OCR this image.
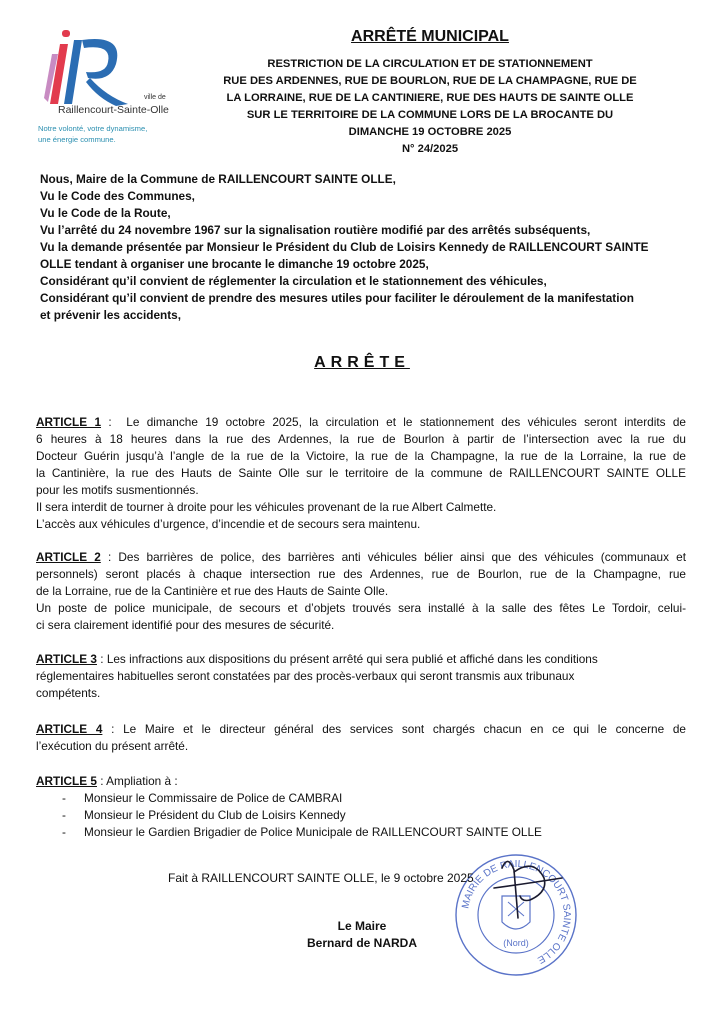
ville de
Raillencourt-Sainte-Olle
Notre volonté, votre dynamisme,
une énergie commune.
ARRÊTÉ MUNICIPAL
RESTRICTION DE LA CIRCULATION ET DE STATIONNEMENT
RUE DES ARDENNES, RUE DE BOURLON, RUE DE LA CHAMPAGNE, RUE DE
LA LORRAINE, RUE DE LA CANTINIERE, RUE DES HAUTS DE SAINTE OLLE
SUR LE TERRITOIRE DE LA COMMUNE LORS DE LA BROCANTE DU
DIMANCHE 19 OCTOBRE 2025
N° 24/2025
Nous, Maire de la Commune de RAILLENCOURT SAINTE OLLE,
Vu le Code des Communes,
Vu le Code de la Route,
Vu l’arrêté du 24 novembre 1967 sur la signalisation routière modifié par des arrêtés subséquents,
Vu la demande présentée par Monsieur le Président du Club de Loisirs Kennedy de RAILLENCOURT SAINTE
OLLE tendant à organiser une brocante le dimanche 19 octobre 2025,
Considérant qu’il convient de réglementer la circulation et le stationnement des véhicules,
Considérant qu’il convient de prendre des mesures utiles pour faciliter le déroulement de la manifestation
et prévenir les accidents,
ARRÊTE
ARTICLE 1 :  Le dimanche 19 octobre 2025, la circulation et le stationnement des véhicules seront interdits de
6 heures à 18 heures dans la rue des Ardennes, la rue de Bourlon à partir de l’intersection avec la rue du
Docteur Guérin jusqu’à l’angle de la rue de la Victoire, la rue de la Champagne, la rue de la Lorraine, la rue de
la Cantinière, la rue des Hauts de Sainte Olle sur le territoire de la commune de RAILLENCOURT SAINTE OLLE
pour les motifs susmentionnés.
Il sera interdit de tourner à droite pour les véhicules provenant de la rue Albert Calmette.
L’accès aux véhicules d’urgence, d’incendie et de secours sera maintenu.
ARTICLE 2 : Des barrières de police, des barrières anti véhicules bélier ainsi que des véhicules (communaux et
personnels) seront placés à chaque intersection rue des Ardennes, rue de Bourlon, rue de la Champagne, rue
de la Lorraine, rue de la Cantinière et rue des Hauts de Sainte Olle.
Un poste de police municipale, de secours et d’objets trouvés sera installé à la salle des fêtes Le Tordoir, celui-
ci sera clairement identifié pour des mesures de sécurité.
ARTICLE 3 : Les infractions aux dispositions du présent arrêté qui sera publié et affiché dans les conditions
réglementaires habituelles seront constatées par des procès-verbaux qui seront transmis aux tribunaux
compétents.
ARTICLE 4 : Le Maire et le directeur général des services sont chargés chacun en ce qui le concerne de
l’exécution du présent arrêté.
ARTICLE 5 : Ampliation à :
- Monsieur le Commissaire de Police de CAMBRAI
- Monsieur le Président du Club de Loisirs Kennedy
- Monsieur le Gardien Brigadier de Police Municipale de RAILLENCOURT SAINTE OLLE
MAIRIE DE RAILLENCOURT SAINTE OLLE
(Nord)
Fait à RAILLENCOURT SAINTE OLLE, le 9 octobre 2025
Le Maire
Bernard de NARDA
